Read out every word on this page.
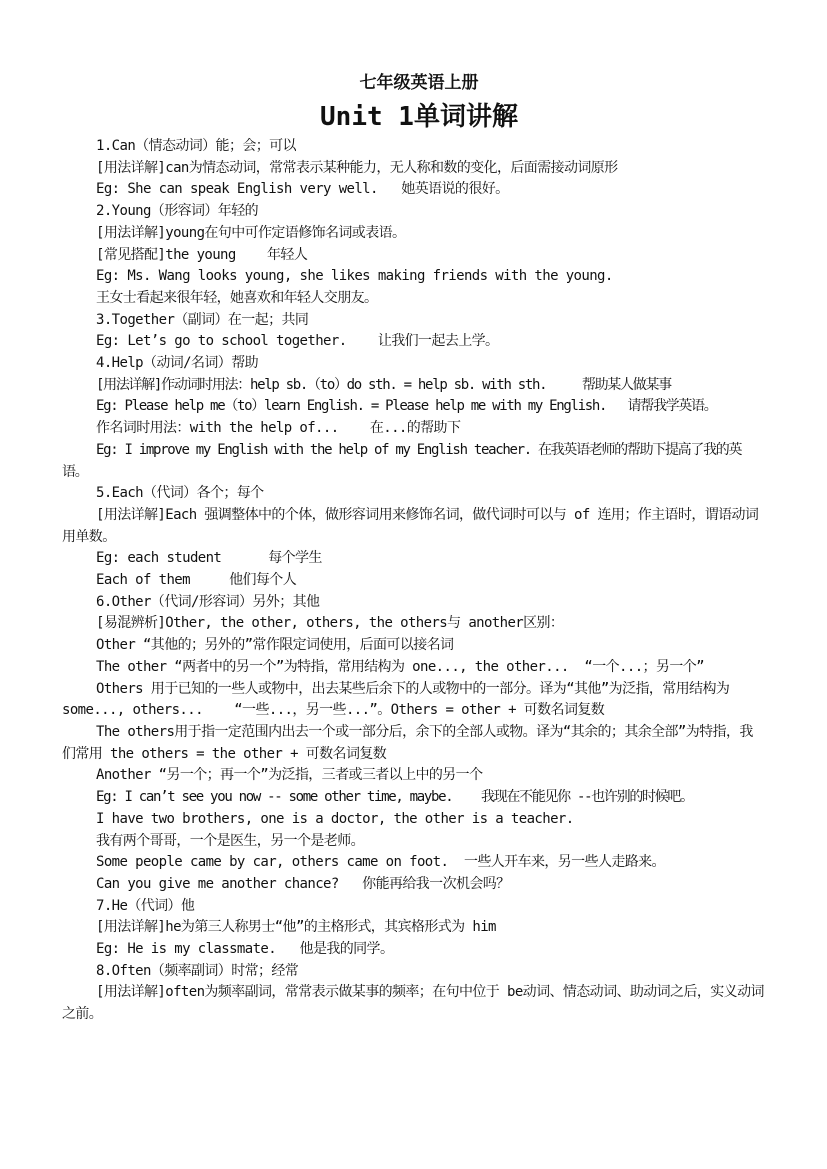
七年级英语上册
Unit 1单词讲解
1.Can（情态动词）能；会；可以
[用法详解]can为情态动词，常常表示某种能力，无人称和数的变化，后面需接动词原形
Eg: She can speak English very well.   她英语说的很好。
2.Young（形容词）年轻的
[用法详解]young在句中可作定语修饰名词或表语。
[常见搭配]the young    年轻人
Eg: Ms. Wang looks young, she likes making friends with the young.
王女士看起来很年轻，她喜欢和年轻人交朋友。
3.Together（副词）在一起；共同
Eg: Let’s go to school together.    让我们一起去上学。
4.Help（动词/名词）帮助
[用法详解]作动词时用法：help sb.（to）do sth. = help sb. with sth.     帮助某人做某事
Eg: Please help me（to）learn English. = Please help me with my English.   请帮我学英语。
作名词时用法：with the help of...    在...的帮助下
Eg: I improve my English with the help of my English teacher. 在我英语老师的帮助下提高了我的英语。
5.Each（代词）各个；每个
[用法详解]Each 强调整体中的个体，做形容词用来修饰名词，做代词时可以与 of 连用；作主语时，谓语动词用单数。
Eg: each student      每个学生
Each of them     他们每个人
6.Other（代词/形容词）另外；其他
[易混辨析]Other, the other, others, the others与 another区别：
Other “其他的；另外的”常作限定词使用，后面可以接名词
The other “两者中的另一个”为特指，常用结构为 one..., the other...  “一个...；另一个”
Others 用于已知的一些人或物中，出去某些后余下的人或物中的一部分。译为“其他”为泛指，常用结构为 some..., others...    “一些...，另一些...”。Others = other + 可数名词复数
The others用于指一定范围内出去一个或一部分后，余下的全部人或物。译为“其余的；其余全部”为特指，我们常用 the others = the other + 可数名词复数
Another “另一个；再一个”为泛指，三者或三者以上中的另一个
Eg: I can’t see you now -- some other time, maybe.    我现在不能见你 --也许别的时候吧。
I have two brothers, one is a doctor, the other is a teacher.
我有两个哥哥，一个是医生，另一个是老师。
Some people came by car, others came on foot.  一些人开车来，另一些人走路来。
Can you give me another chance?   你能再给我一次机会吗？
7.He（代词）他
[用法详解]he为第三人称男士“他”的主格形式，其宾格形式为 him
Eg: He is my classmate.   他是我的同学。
8.Often（频率副词）时常；经常
[用法详解]often为频率副词，常常表示做某事的频率；在句中位于 be动词、情态动词、助动词之后，实义动词之前。
